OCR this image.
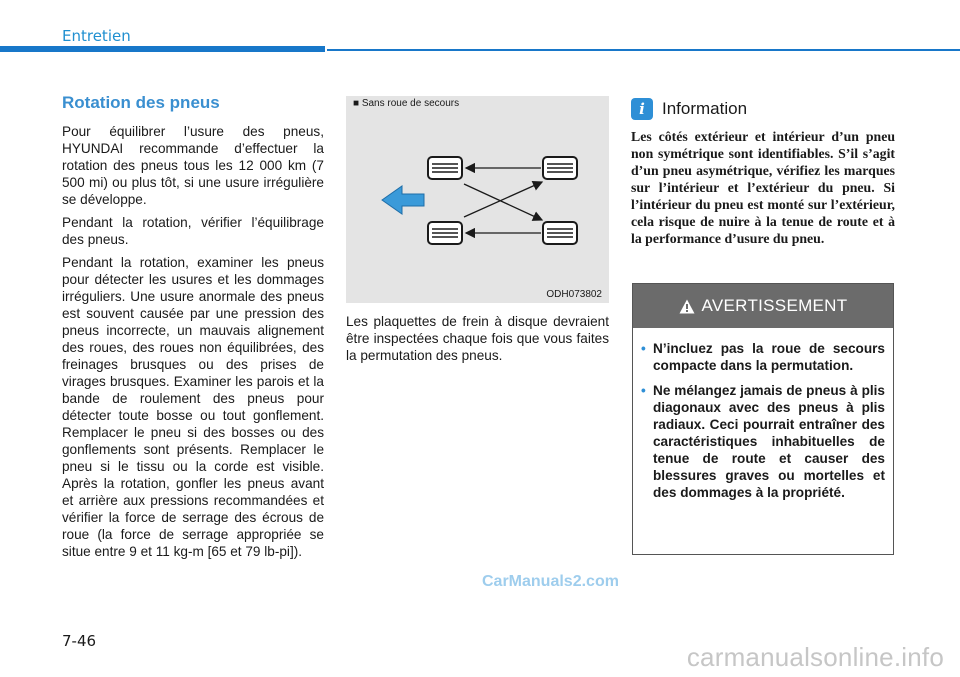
Entretien
Rotation des pneus

Pour équilibrer l’usure des pneus, HYUNDAI recommande d’effectuer la rotation des pneus tous les 12 000 km (7 500 mi) ou plus tôt, si une usure irrégulière se développe.

Pendant la rotation, vérifier l’équilibrage des pneus.

Pendant la rotation, examiner les pneus pour détecter les usures et les dommages irréguliers. Une usure anormale des pneus est souvent causée par une pression des pneus incorrecte, un mauvais alignement des roues, des roues non équilibrées, des freinages brusques ou des prises de virages brusques. Examiner les parois et la bande de roulement des pneus pour détecter toute bosse ou tout gonflement. Remplacer le pneu si des bosses ou des gonflements sont présents. Remplacer le pneu si le tissu ou la corde est visible. Après la rotation, gonfler les pneus avant et arrière aux pressions recommandées et vérifier la force de serrage des écrous de roue (la force de serrage appropriée se situe entre 9 et 11 kg-m [65 et 79 lb-pi]).

■ Sans roue de secours
ODH073802

Les plaquettes de frein à disque devraient être inspectées chaque fois que vous faites la permutation des pneus.

i	Information

Les côtés extérieur et intérieur d’un pneu non symétrique sont identifiables. S’il s’agit d’un pneu asymétrique, vérifiez les marques sur l’intérieur et l’extérieur du pneu. Si l’intérieur du pneu est monté sur l’extérieur, cela risque de nuire à la tenue de route et à la performance d’usure du pneu.

AVERTISSEMENT
• N’incluez pas la roue de secours compacte dans la permutation.
• Ne mélangez jamais de pneus à plis diagonaux avec des pneus à plis radiaux. Ceci pourrait entraîner des caractéristiques inhabituelles de tenue de route et causer des blessures graves ou mortelles et des dommages à la propriété.
CarManuals2.com
7-46
carmanualsonline.info
